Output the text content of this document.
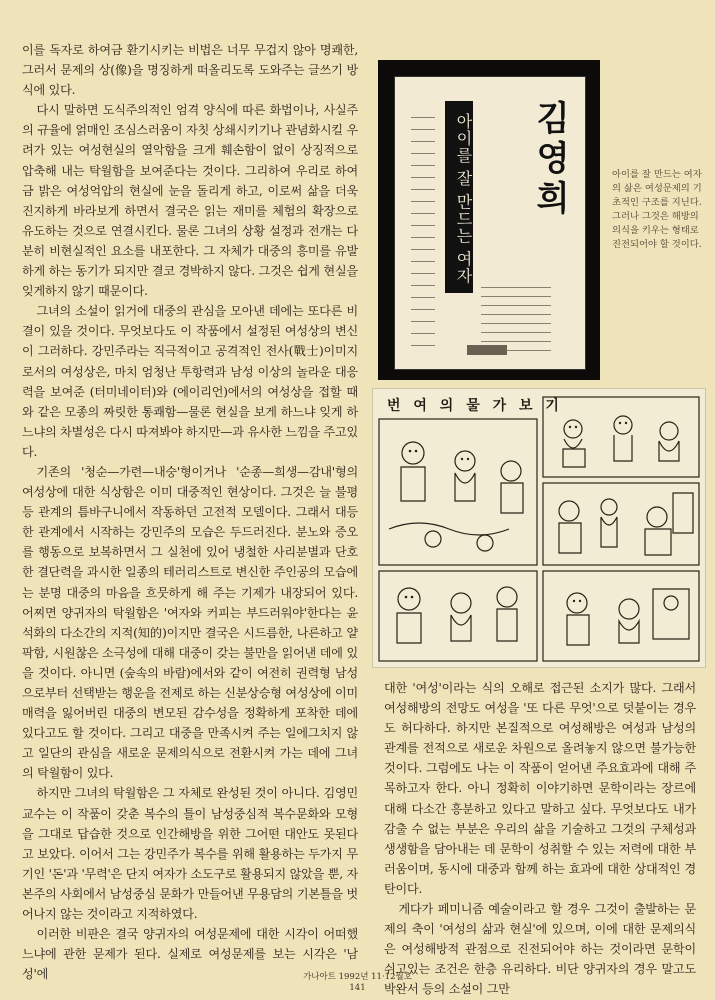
이를 독자로 하여금 환기시키는 비법은 너무 무겁지 않아 명쾌한, 그러서 문제의 상(像)을 명징하게 떠올리도록 도와주는 글쓰기 방식에 있다.

다시 말하면 도식주의적인 엄격 양식에 따른 화법이나, 사실주의 규율에 얽매인 조심스러움이 자칫 상쇄시키기나 관념화시킬 우려가 있는 여성현실의 열악함을 크게 훼손함이 없이 상징적으로 압축해 내는 탁월함을 보여준다는 것이다. 그리하여 우리로 하여금 밝은 여성억압의 현실에 눈을 돌리게 하고, 이로써 삶을 더욱 진지하게 바라보게 하면서 결국은 읽는 재미를 체험의 확장으로 유도하는 것으로 연결시킨다. 물론 그녀의 상황 설정과 전개는 다분히 비현실적인 요소를 내포한다. 그 자체가 대중의 흥미를 유발하게 하는 동기가 되지만 결코 경박하지 않다. 그것은 쉽게 현실을 잊게하지 않기 때문이다.

그녀의 소설이 읽거에 대중의 관심을 모아낸 데에는 또다른 비결이 있을 것이다. 무엇보다도 이 작품에서 설정된 여성상의 변신이 그러하다. 강민주라는 직극적이고 공격적인 전사(戰士)이미지로서의 여성상은, 마치 엄청난 투항력과 남성 이상의 놀라운 대응력을 보여준 (터미네이터)와 (에이리언)에서의 여성상을 접할 때와 같은 모종의 짜릿한 통쾌함—물론 현실을 보게 하느냐 잊게 하느냐의 차별성은 다시 따져봐야 하지만—과 유사한 느낌을 주고있다.

기존의 '청순—가련—내숭'형이거나 '순종—희생—감내'형의 여성상에 대한 식상함은 이미 대중적인 현상이다. 그것은 늘 불평등 관계의 틈바구니에서 작동하던 고전적 모델이다. 그래서 대등한 관계에서 시작하는 강민주의 모습은 두드러진다. 분노와 증오를 행동으로 보복하면서 그 실천에 있어 냉철한 사리분별과 단호한 결단력을 과시한 일종의 테러리스트로 변신한 주인공의 모습에는 분명 대중의 마음을 흐뭇하게 해 주는 기제가 내장되어 있다. 어찌면 양귀자의 탁월함은 '여자와 커피는 부드러워야'한다는 윤석화의 다소간의 지적(知的)이지만 결국은 시드름한, 나른하고 얄팍함, 시원찮은 소극성에 대해 대중이 갖는 불만을 읽어낸 데에 있을 것이다. 아니면 (숲속의 바람)에서와 같이 여전히 권력형 남성으로부터 선택받는 행운을 전제로 하는 신분상승형 여성상에 이미 매력을 잃어버린 대중의 변모된 감수성을 정확하게 포착한 데에 있다고도 할 것이다. 그리고 대중을 만족시켜 주는 일에그치지 않고 일단의 관심을 새로운 문제의식으로 전환시켜 가는 데에 그녀의 탁월함이 있다.

하지만 그녀의 탁월함은 그 자체로 완성된 것이 아니다. 김영민 교수는 이 작품이 갖춘 복수의 틀이 남성중심적 복수문화와 모형을 그대로 답습한 것으로 인간해방을 위한 그어떤 대안도 못된다고 보았다. 이어서 그는 강민주가 복수를 위해 활용하는 두가지 무기인 '돈'과 '무력'은 단지 여자가 소도구로 활용되지 않았을 뿐, 자본주의 사회에서 남성중심 문화가 만들어낸 무용담의 기본틀을 벗어나지 않는 것이라고 지적하였다.

이러한 비판은 결국 양귀자의 여성문제에 대한 시각이 어떠했느냐에 관한 문제가 된다. 실제로 여성문제를 보는 시각은 '남성'에

아이를 잘 만드는 여자 김영희
아이를 잘 만드는 여자의 삶은 여성문제의 기초적인 구조를 지닌다. 그러나 그것은 해방의 의식을 키우는 형태로 진전되어야 할 것이다.
번 여 의 물 가 보 기

대한 '여성'이라는 식의 오해로 접근된 소지가 많다. 그래서 여성해방의 전망도 여성을 '또 다른 무엇'으로 덧붙이는 경우도 허다하다. 하지만 본질적으로 여성해방은 여성과 남성의 관계를 전적으로 새로운 차원으로 올려놓지 않으면 불가능한 것이다. 그럼에도 나는 이 작품이 얻어낸 주요효과에 대해 주목하고자 한다. 아니 정확히 이야기하면 문학이라는 장르에 대해 다소간 흥분하고 있다고 말하고 싶다. 무엇보다도 내가 감출 수 없는 부분은 우리의 삶을 기술하고 그것의 구체성과 생생함을 담아내는 데 문학이 성취할 수 있는 저력에 대한 부러움이며, 동시에 대중과 함께 하는 효과에 대한 상대적인 경탄이다.

게다가 페미니즘 예술이라고 할 경우 그것이 출발하는 문제의 축이 '여성의 삶과 현실'에 있으며, 이에 대한 문제의식은 여성해방적 관점으로 진전되어야 하는 것이라면 문학이 쉬고있는 조건은 한층 유리하다. 비단 양귀자의 경우 말고도 박완서 등의 소설이 그만

가나아트 1992년 11·12월호
141
